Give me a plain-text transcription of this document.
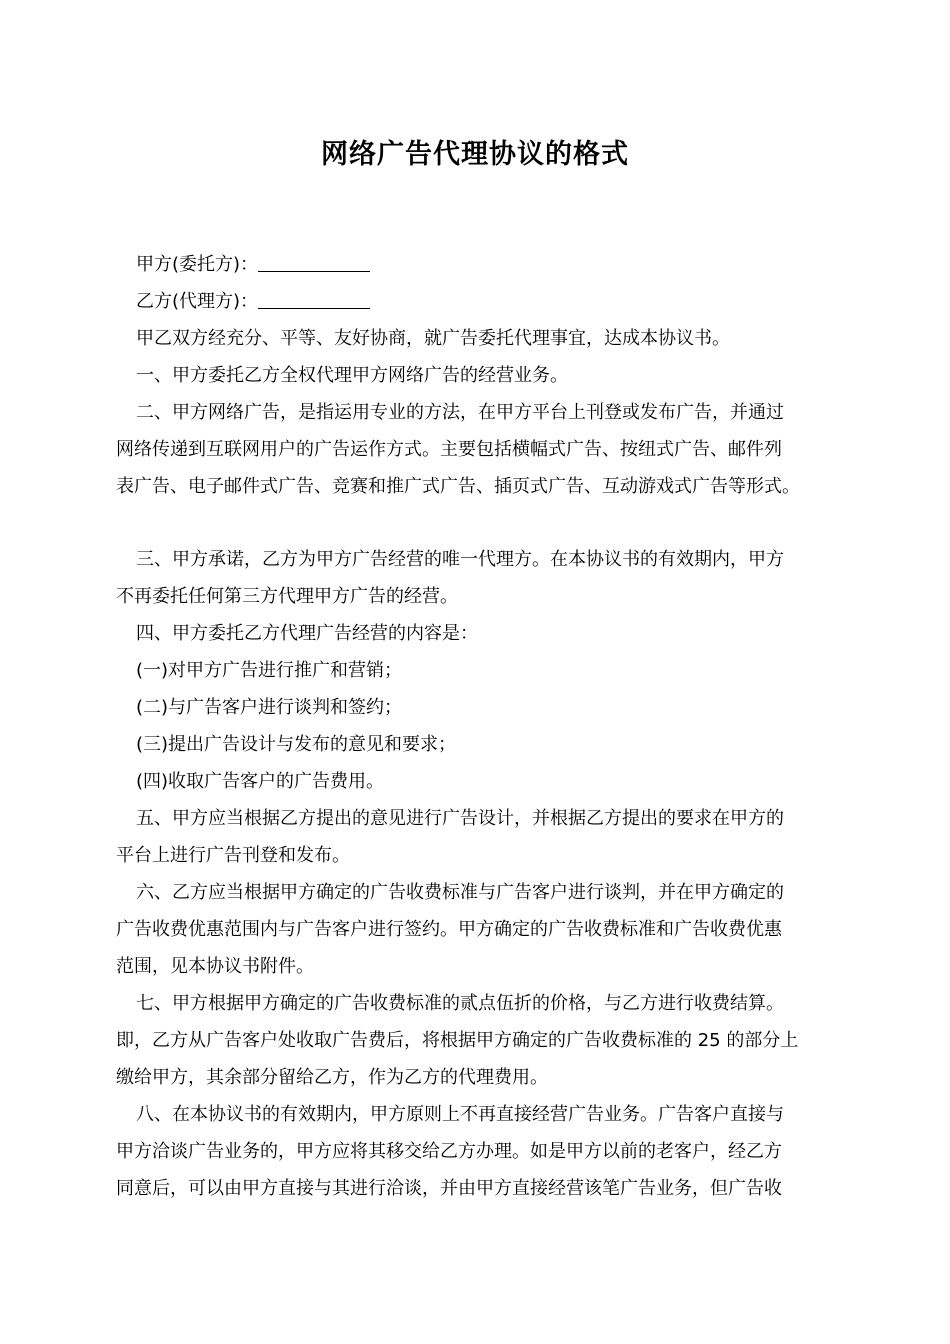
网络广告代理协议的格式
甲方(委托方)：
乙方(代理方)：
甲乙双方经充分、平等、友好协商，就广告委托代理事宜，达成本协议书。
一、甲方委托乙方全权代理甲方网络广告的经营业务。
二、甲方网络广告，是指运用专业的方法，在甲方平台上刊登或发布广告，并通过
网络传递到互联网用户的广告运作方式。主要包括横幅式广告、按纽式广告、邮件列
表广告、电子邮件式广告、竞赛和推广式广告、插页式广告、互动游戏式广告等形式。
三、甲方承诺，乙方为甲方广告经营的唯一代理方。在本协议书的有效期内，甲方
不再委托任何第三方代理甲方广告的经营。
四、甲方委托乙方代理广告经营的内容是：
(一)对甲方广告进行推广和营销；
(二)与广告客户进行谈判和签约；
(三)提出广告设计与发布的意见和要求；
(四)收取广告客户的广告费用。
五、甲方应当根据乙方提出的意见进行广告设计，并根据乙方提出的要求在甲方的
平台上进行广告刊登和发布。
六、乙方应当根据甲方确定的广告收费标准与广告客户进行谈判，并在甲方确定的
广告收费优惠范围内与广告客户进行签约。甲方确定的广告收费标准和广告收费优惠
范围，见本协议书附件。
七、甲方根据甲方确定的广告收费标准的贰点伍折的价格，与乙方进行收费结算。
即，乙方从广告客户处收取广告费后，将根据甲方确定的广告收费标准的 25 的部分上
缴给甲方，其余部分留给乙方，作为乙方的代理费用。
八、在本协议书的有效期内，甲方原则上不再直接经营广告业务。广告客户直接与
甲方洽谈广告业务的，甲方应将其移交给乙方办理。如是甲方以前的老客户，经乙方
同意后，可以由甲方直接与其进行洽谈，并由甲方直接经营该笔广告业务，但广告收
